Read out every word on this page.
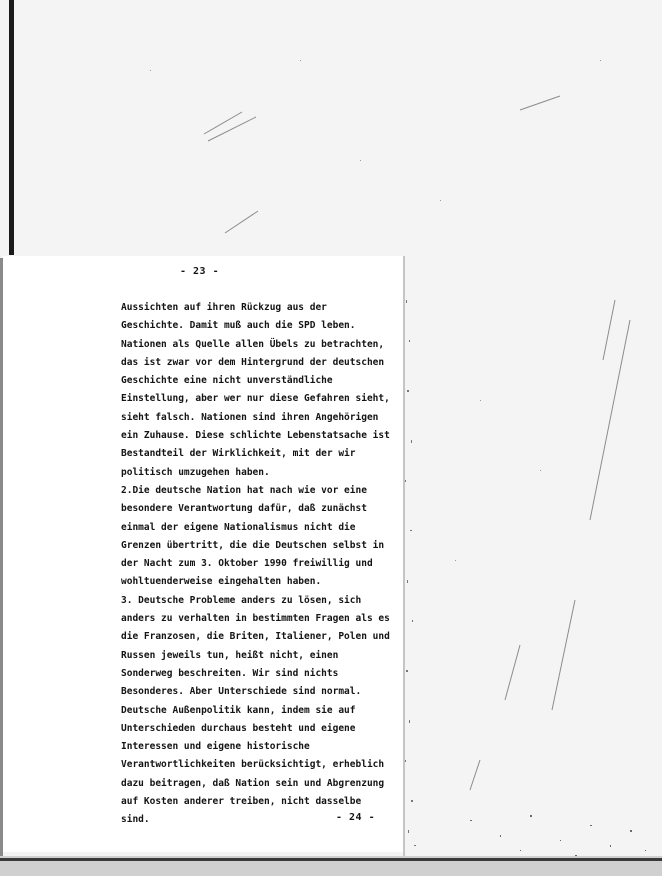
- 23 -
Aussichten auf ihren Rückzug aus der
Geschichte. Damit muß auch die SPD leben.
Nationen als Quelle allen Übels zu betrachten,
das ist zwar vor dem Hintergrund der deutschen
Geschichte eine nicht unverständliche
Einstellung, aber wer nur diese Gefahren sieht,
sieht falsch. Nationen sind ihren Angehörigen
ein Zuhause. Diese schlichte Lebenstatsache ist
Bestandteil der Wirklichkeit, mit der wir
politisch umzugehen haben.
2.Die deutsche Nation hat nach wie vor eine
besondere Verantwortung dafür, daß zunächst
einmal der eigene Nationalismus nicht die
Grenzen übertritt, die die Deutschen selbst in
der Nacht zum 3. Oktober 1990 freiwillig und
wohltuenderweise eingehalten haben.
3. Deutsche Probleme anders zu lösen, sich
anders zu verhalten in bestimmten Fragen als es
die Franzosen, die Briten, Italiener, Polen und
Russen jeweils tun, heißt nicht, einen
Sonderweg beschreiten. Wir sind nichts
Besonderes. Aber Unterschiede sind normal.
Deutsche Außenpolitik kann, indem sie auf
Unterschieden durchaus besteht und eigene
Interessen und eigene historische
Verantwortlichkeiten berücksichtigt, erheblich
dazu beitragen, daß Nation sein und Abgrenzung
auf Kosten anderer treiben, nicht dasselbe
sind.	- 24 -
